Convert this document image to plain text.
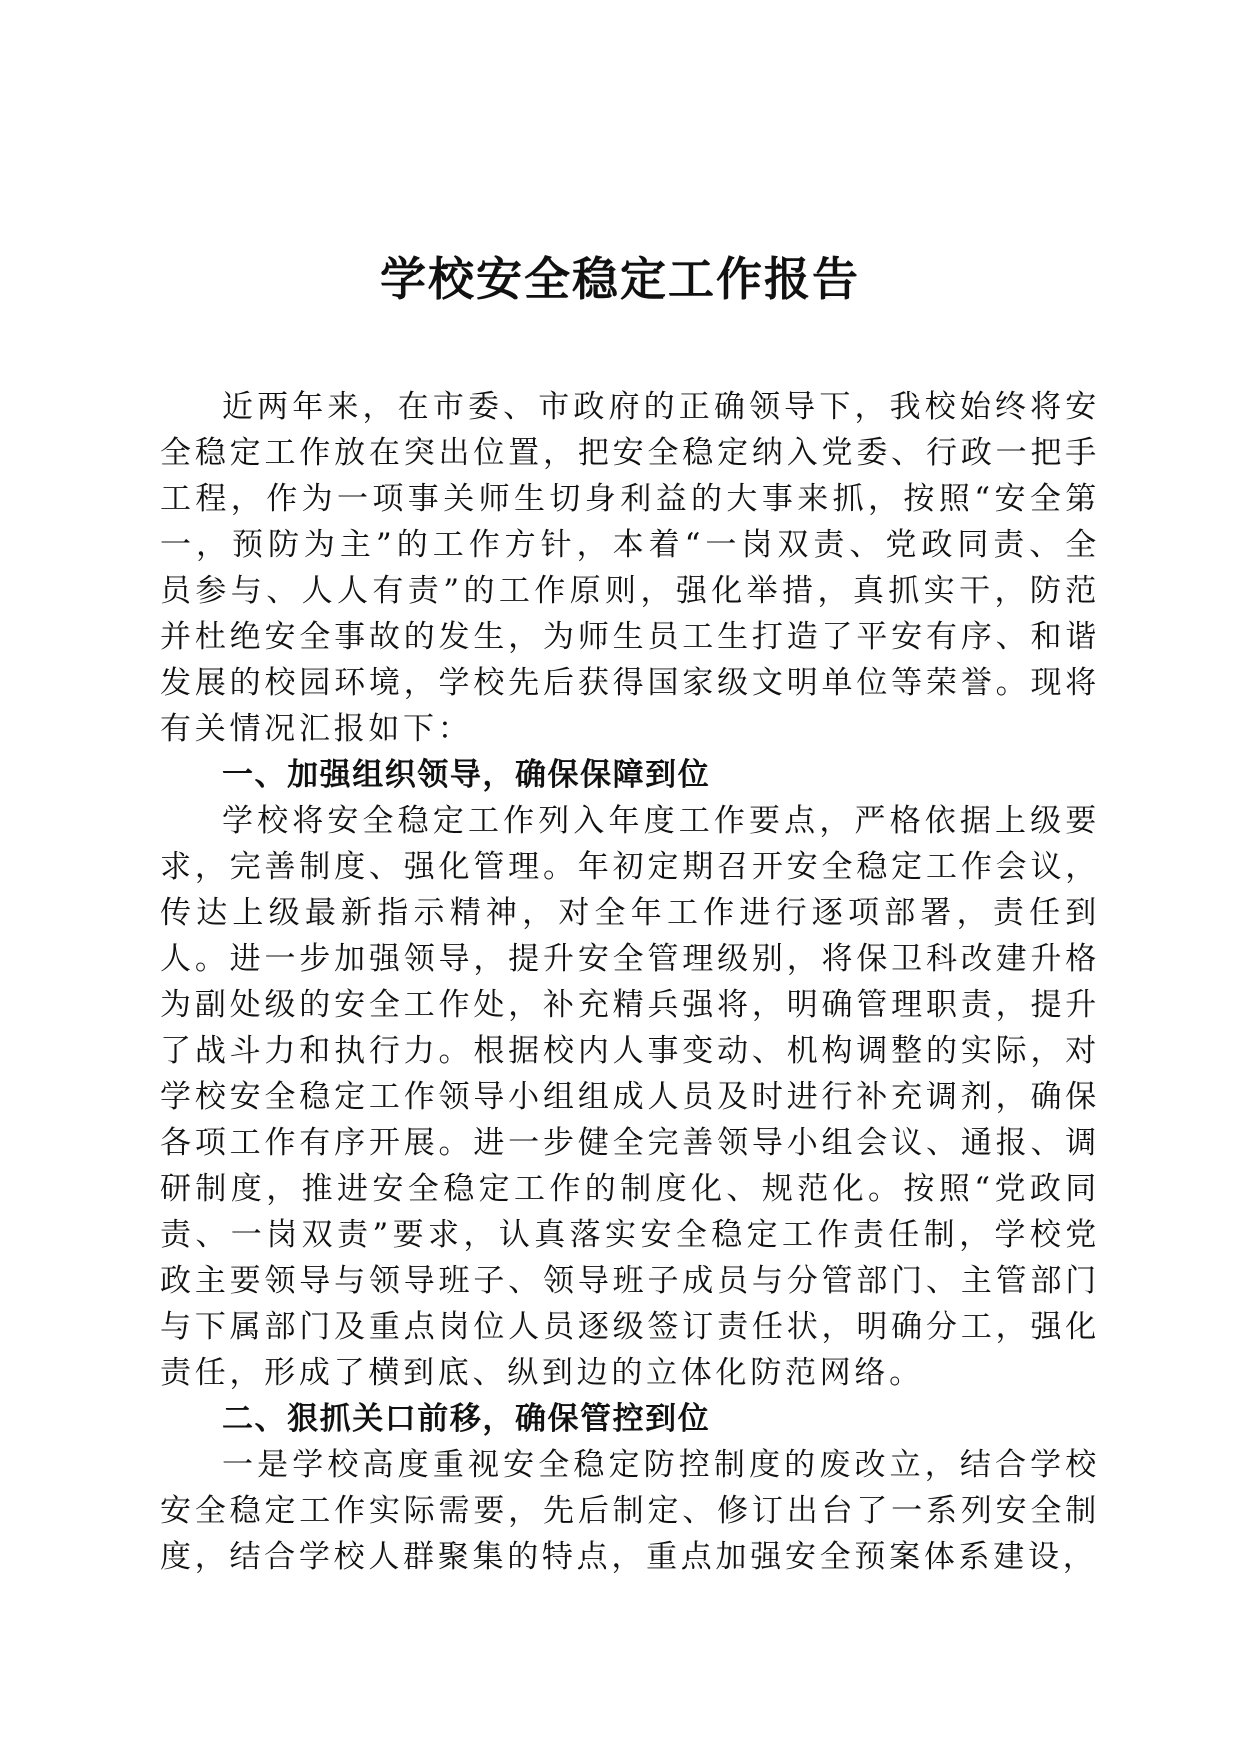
学校安全稳定工作报告

近两年来，在市委、市政府的正确领导下，我校始终将安全稳定工作放在突出位置，把安全稳定纳入党委、行政一把手工程，作为一项事关师生切身利益的大事来抓，按照“安全第一，预防为主”的工作方针，本着“一岗双责、党政同责、全员参与、人人有责”的工作原则，强化举措，真抓实干，防范并杜绝安全事故的发生，为师生员工生打造了平安有序、和谐发展的校园环境，学校先后获得国家级文明单位等荣誉。现将有关情况汇报如下：

一、加强组织领导，确保保障到位

学校将安全稳定工作列入年度工作要点，严格依据上级要求，完善制度、强化管理。年初定期召开安全稳定工作会议，传达上级最新指示精神，对全年工作进行逐项部署，责任到人。进一步加强领导，提升安全管理级别，将保卫科改建升格为副处级的安全工作处，补充精兵强将，明确管理职责，提升了战斗力和执行力。根据校内人事变动、机构调整的实际，对学校安全稳定工作领导小组组成人员及时进行补充调剂，确保各项工作有序开展。进一步健全完善领导小组会议、通报、调研制度，推进安全稳定工作的制度化、规范化。按照“党政同责、一岗双责”要求，认真落实安全稳定工作责任制，学校党政主要领导与领导班子、领导班子成员与分管部门、主管部门与下属部门及重点岗位人员逐级签订责任状，明确分工，强化责任，形成了横到底、纵到边的立体化防范网络。

二、狠抓关口前移，确保管控到位

一是学校高度重视安全稳定防控制度的废改立，结合学校安全稳定工作实际需要，先后制定、修订出台了一系列安全制度，结合学校人群聚集的特点，重点加强安全预案体系建设，
